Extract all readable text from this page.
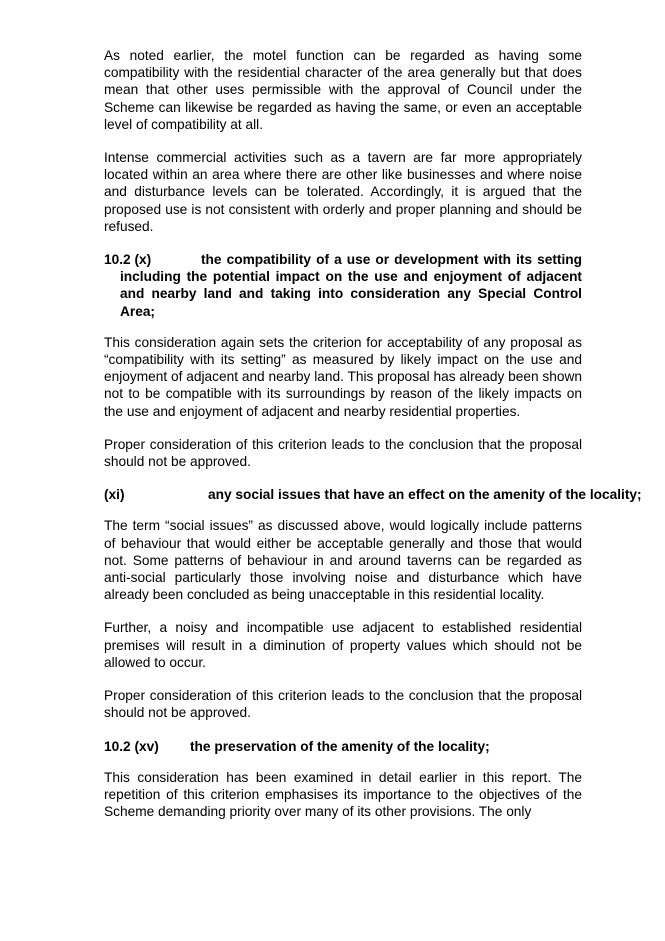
As noted earlier, the motel function can be regarded as having some compatibility with the residential character of the area generally but that does mean that other uses permissible with the approval of Council under the Scheme can likewise be regarded as having the same, or even an acceptable level of compatibility at all.

Intense commercial activities such as a tavern are far more appropriately located within an area where there are other like businesses and where noise and disturbance levels can be tolerated. Accordingly, it is argued that the proposed use is not consistent with orderly and proper planning and should be refused.

10.2 (x)	the compatibility of a use or development with its setting including the potential impact on the use and enjoyment of adjacent and nearby land and taking into consideration any Special Control Area;

This consideration again sets the criterion for acceptability of any proposal as “compatibility with its setting” as measured by likely impact on the use and enjoyment of adjacent and nearby land. This proposal has already been shown not to be compatible with its surroundings by reason of the likely impacts on the use and enjoyment of adjacent and nearby residential properties.

Proper consideration of this criterion leads to the conclusion that the proposal should not be approved.

(xi)	any social issues that have an effect on the amenity of the locality;

The term “social issues” as discussed above, would logically include patterns of behaviour that would either be acceptable generally and those that would not. Some patterns of behaviour in and around taverns can be regarded as anti-social particularly those involving noise and disturbance which have already been concluded as being unacceptable in this residential locality.

Further, a noisy and incompatible use adjacent to established residential premises will result in a diminution of property values which should not be allowed to occur.

Proper consideration of this criterion leads to the conclusion that the proposal should not be approved.

10.2 (xv) the preservation of the amenity of the locality;

This consideration has been examined in detail earlier in this report. The repetition of this criterion emphasises its importance to the objectives of the Scheme demanding priority over many of its other provisions. The only
